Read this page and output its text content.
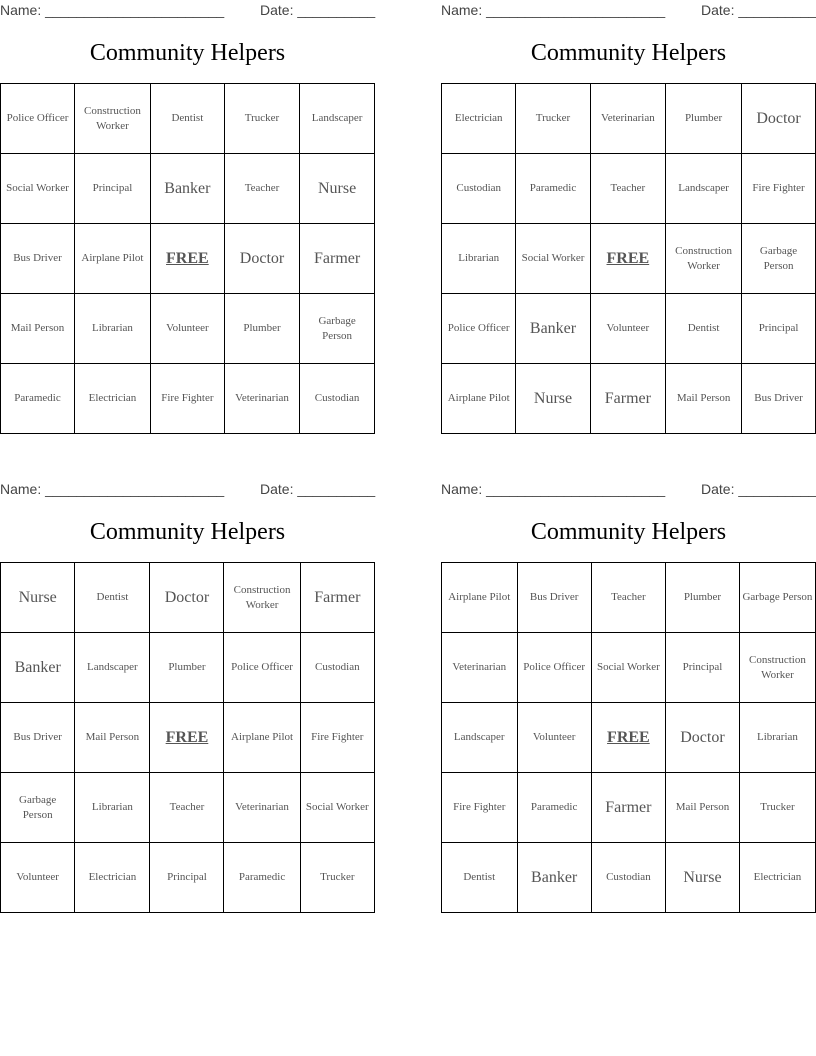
Name: _______________________	Date: __________
Community Helpers
Police Officer	Construction Worker	Dentist	Trucker	Landscaper
Social Worker	Principal	Banker	Teacher	Nurse
Bus Driver	Airplane Pilot	FREE	Doctor	Farmer
Mail Person	Librarian	Volunteer	Plumber	Garbage Person
Paramedic	Electrician	Fire Fighter	Veterinarian	Custodian
Name: _______________________	Date: __________
Community Helpers
Electrician	Trucker	Veterinarian	Plumber	Doctor
Custodian	Paramedic	Teacher	Landscaper	Fire Fighter
Librarian	Social Worker	FREE	Construction Worker	Garbage Person
Police Officer	Banker	Volunteer	Dentist	Principal
Airplane Pilot	Nurse	Farmer	Mail Person	Bus Driver
Name: _______________________	Date: __________
Community Helpers
Nurse	Dentist	Doctor	Construction Worker	Farmer
Banker	Landscaper	Plumber	Police Officer	Custodian
Bus Driver	Mail Person	FREE	Airplane Pilot	Fire Fighter
Garbage Person	Librarian	Teacher	Veterinarian	Social Worker
Volunteer	Electrician	Principal	Paramedic	Trucker
Name: _______________________	Date: __________
Community Helpers
Airplane Pilot	Bus Driver	Teacher	Plumber	Garbage Person
Veterinarian	Police Officer	Social Worker	Principal	Construction Worker
Landscaper	Volunteer	FREE	Doctor	Librarian
Fire Fighter	Paramedic	Farmer	Mail Person	Trucker
Dentist	Banker	Custodian	Nurse	Electrician
